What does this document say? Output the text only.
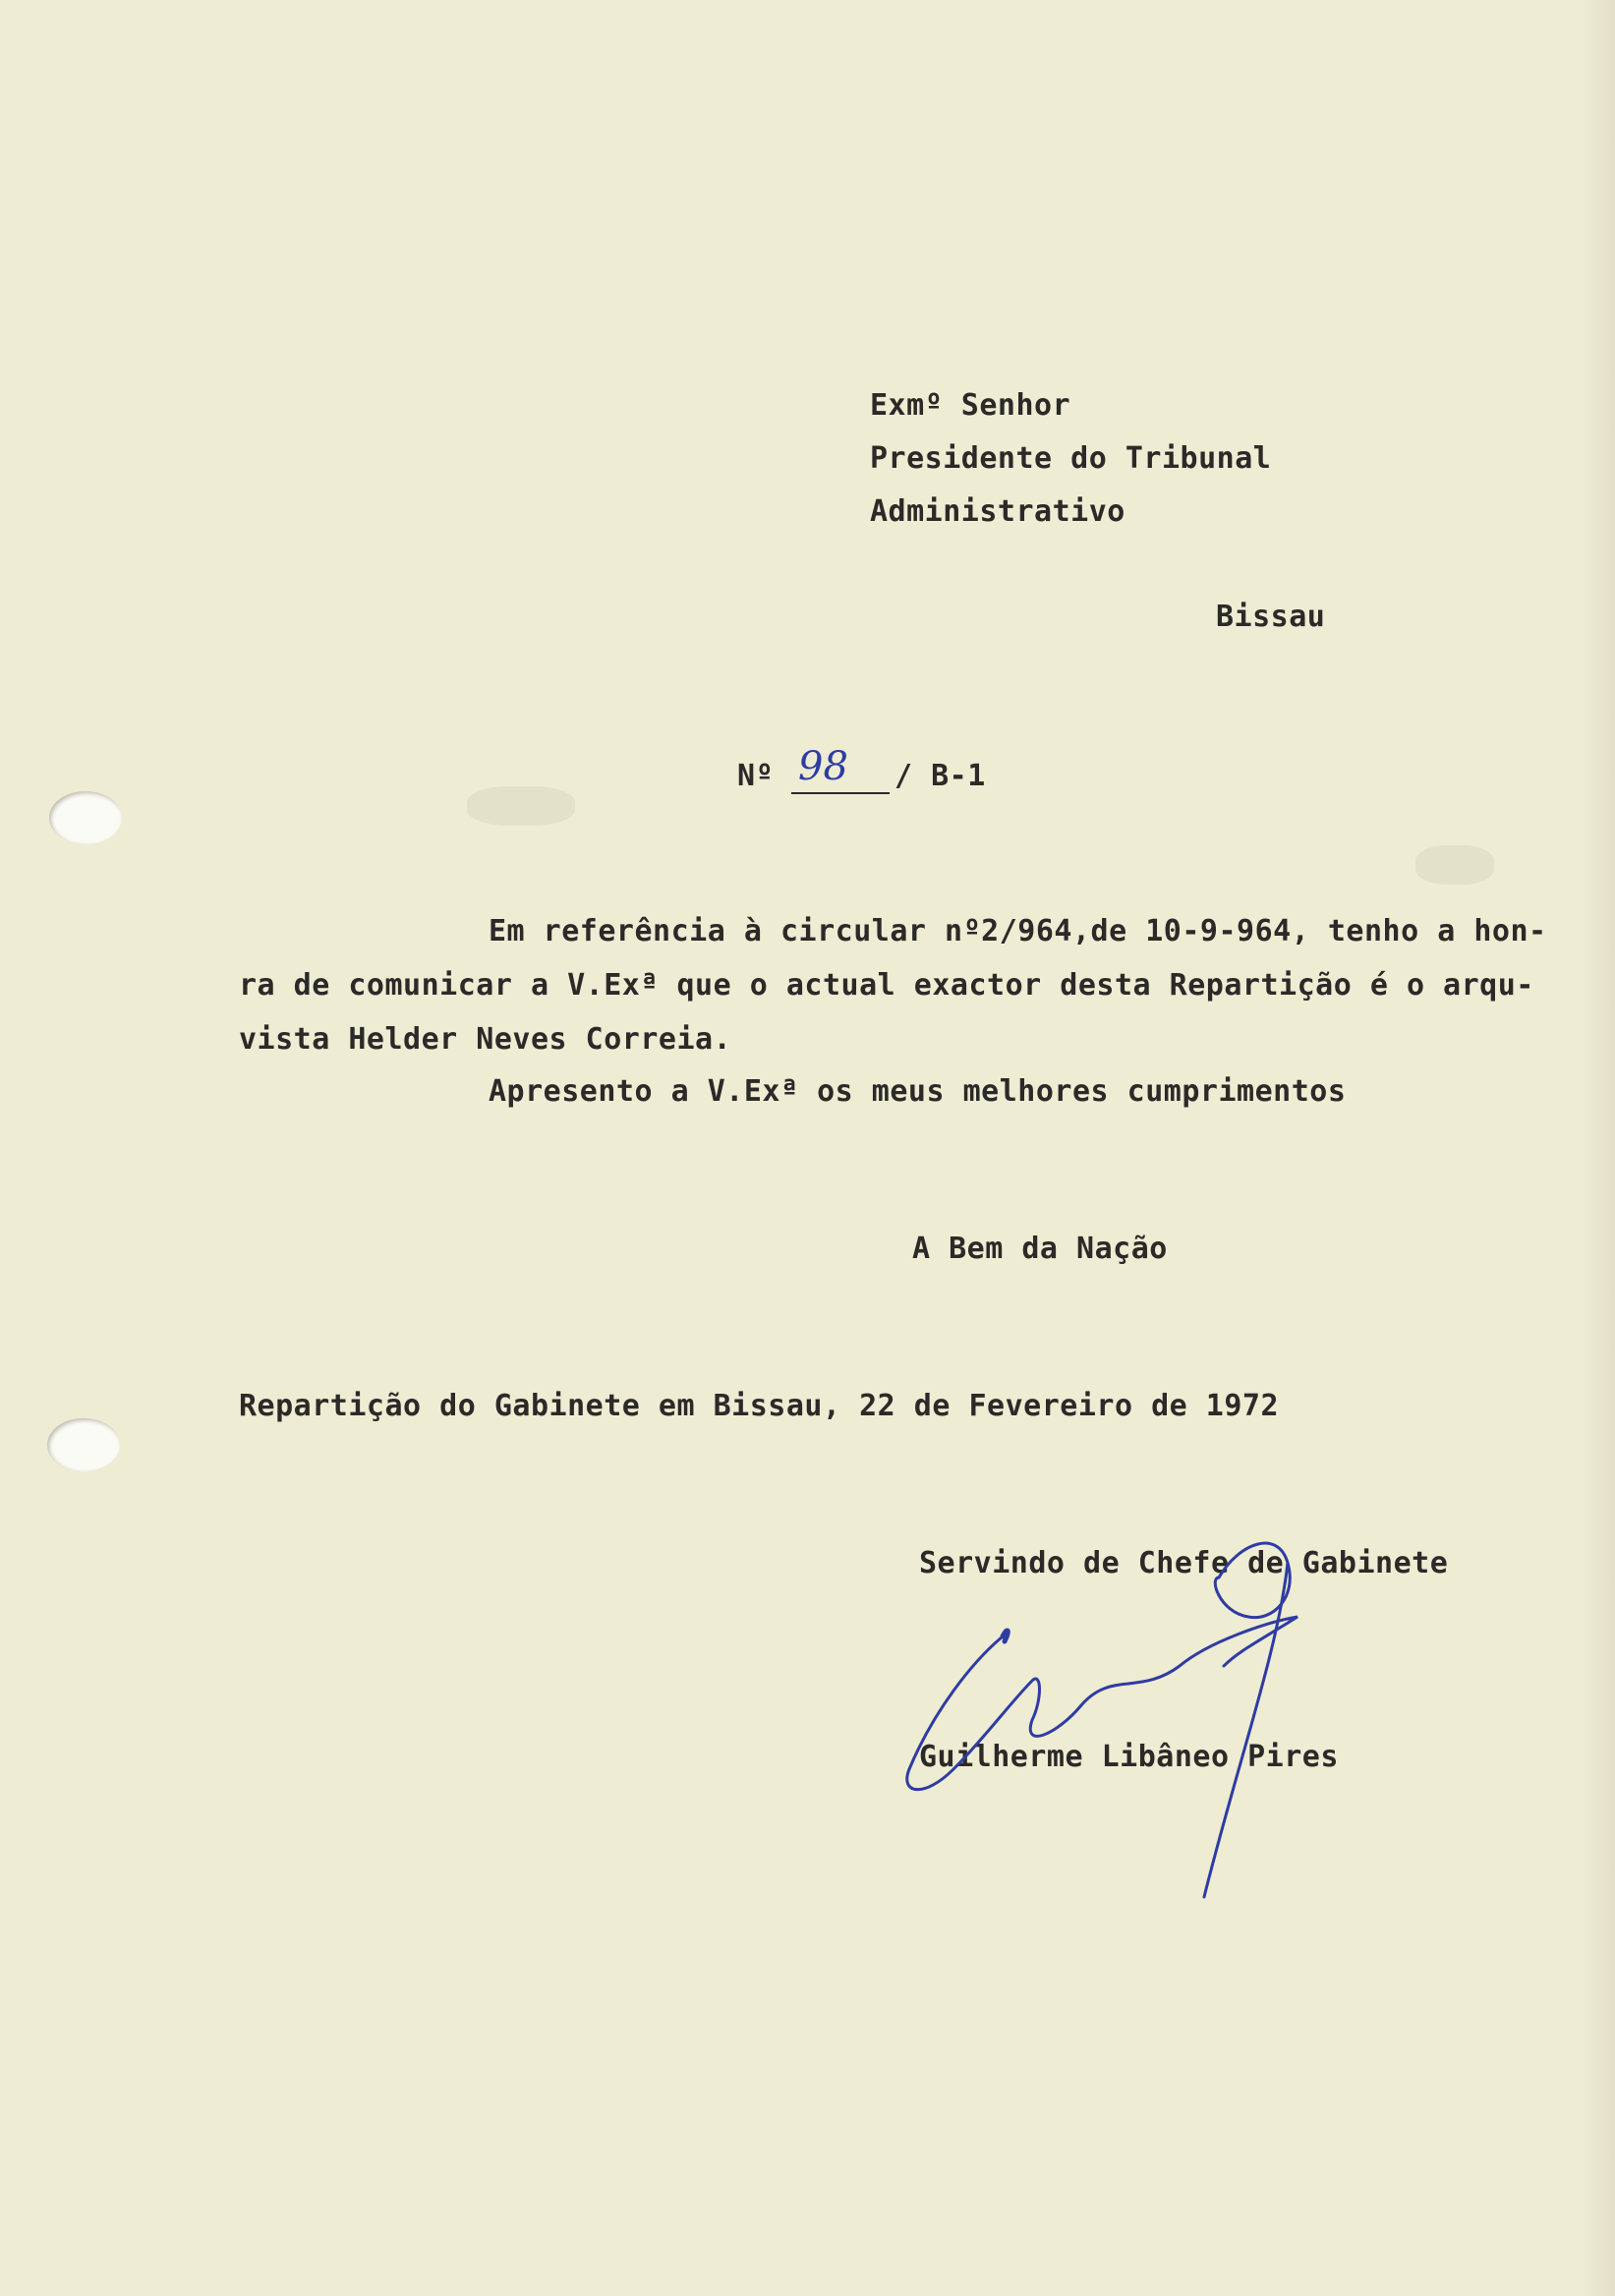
Exmº Senhor
Presidente do Tribunal
Administrativo
Bissau
Nº 98 / B-1
Em referência à circular nº2/964,de 10-9-964, tenho a hon-
ra de comunicar a V.Exª que o actual exactor desta Repartição é o arqu-
vista Helder Neves Correia.
Apresento a V.Exª os meus melhores cumprimentos
A Bem da Nação
Repartição do Gabinete em Bissau, 22 de Fevereiro de 1972
Servindo de Chefe de Gabinete
Guilherme Libâneo Pires
